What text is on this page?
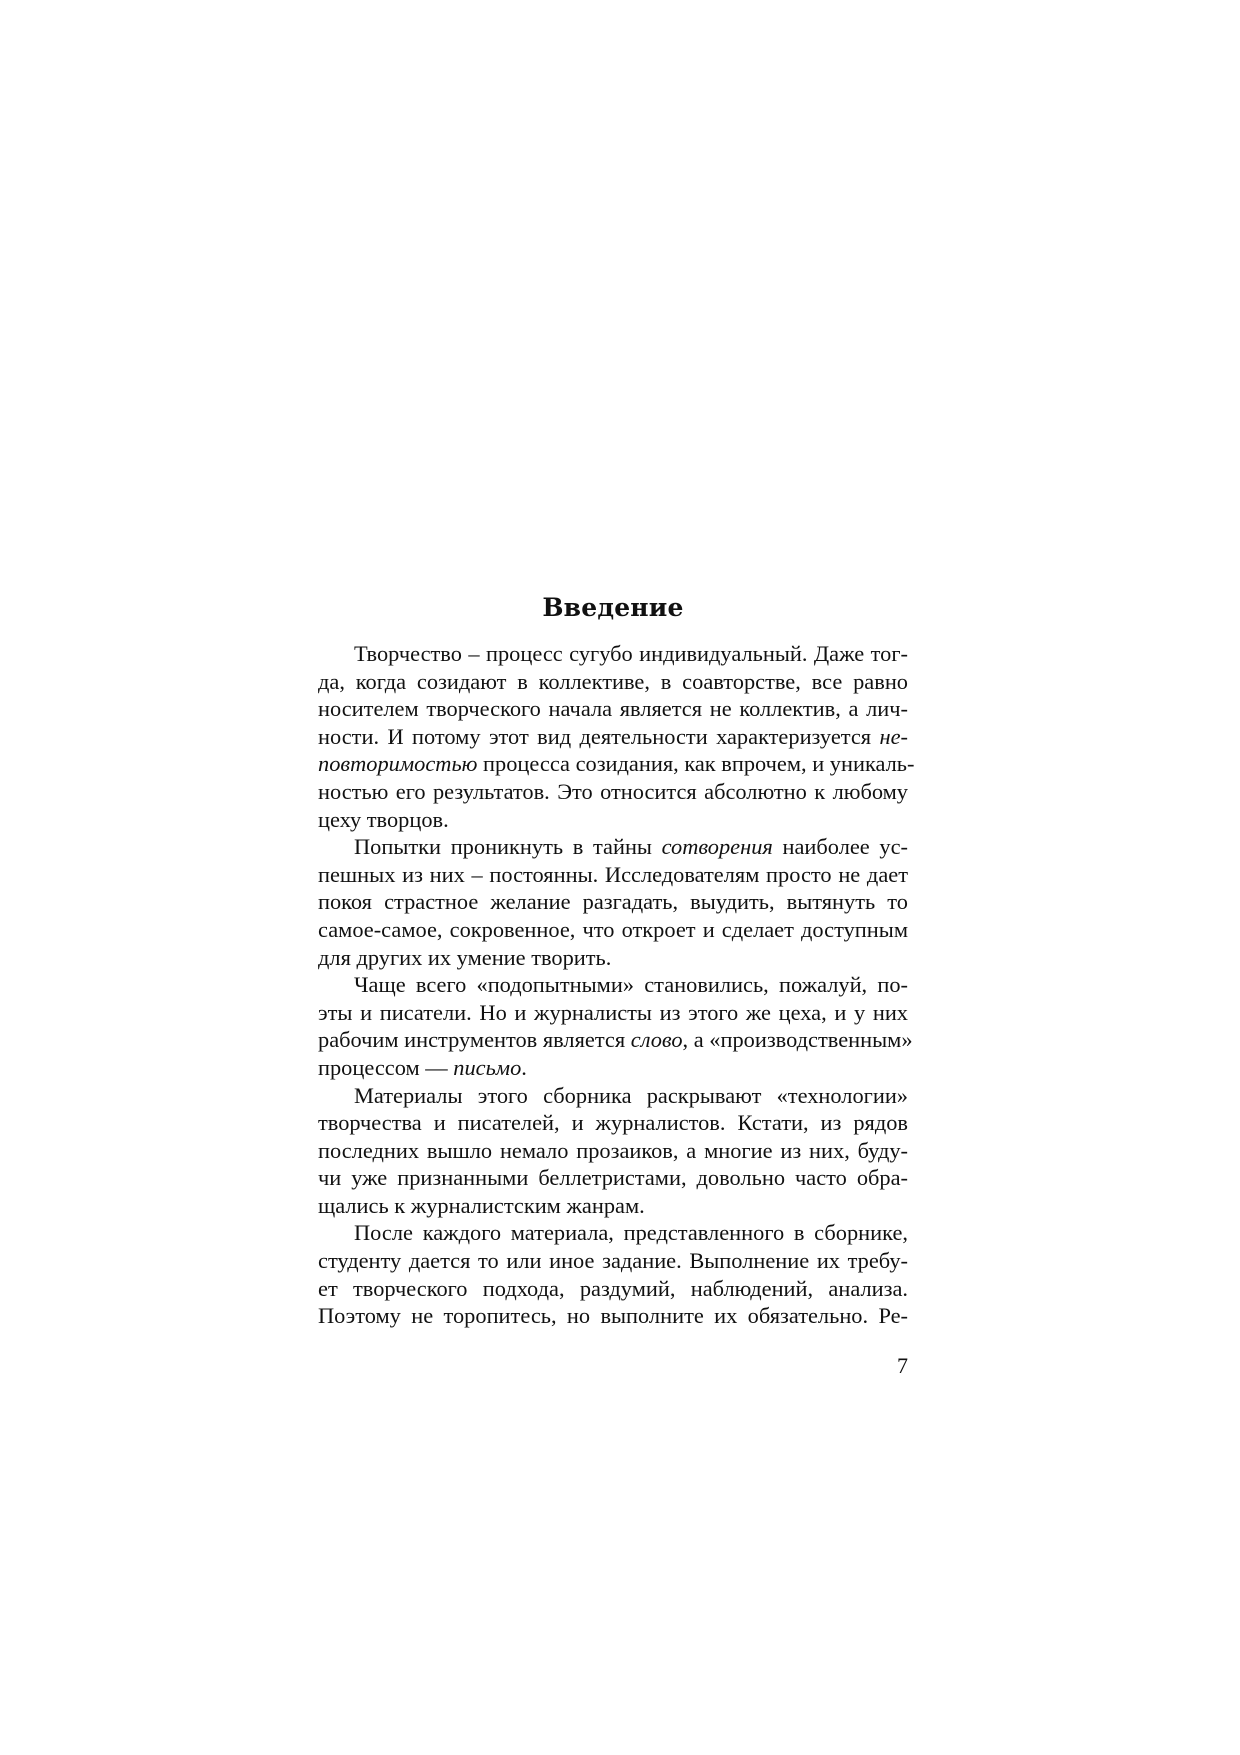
Введение
Творчество – процесс сугубо индивидуальный. Даже тог-
да, когда созидают в коллективе, в соавторстве, все равно
носителем творческого начала является не коллектив, а лич-
ности. И потому этот вид деятельности характеризуется не-
повторимостью процесса созидания, как впрочем, и уникаль-
ностью его результатов. Это относится абсолютно к любому
цеху творцов.
Попытки проникнуть в тайны сотворения наиболее ус-
пешных из них – постоянны. Исследователям просто не дает
покоя страстное желание разгадать, выудить, вытянуть то
самое-самое, сокровенное, что откроет и сделает доступным
для других их умение творить.
Чаще всего «подопытными» становились, пожалуй, по-
эты и писатели. Но и журналисты из этого же цеха, и у них
рабочим инструментов является слово, а «производственным»
процессом — письмо.
Материалы этого сборника раскрывают «технологии»
творчества и писателей, и журналистов. Кстати, из рядов
последних вышло немало прозаиков, а многие из них, буду-
чи уже признанными беллетристами, довольно часто обра-
щались к журналистским жанрам.
После каждого материала, представленного в сборнике,
студенту дается то или иное задание. Выполнение их требу-
ет творческого подхода, раздумий, наблюдений, анализа.
Поэтому не торопитесь, но выполните их обязательно. Ре-
7
